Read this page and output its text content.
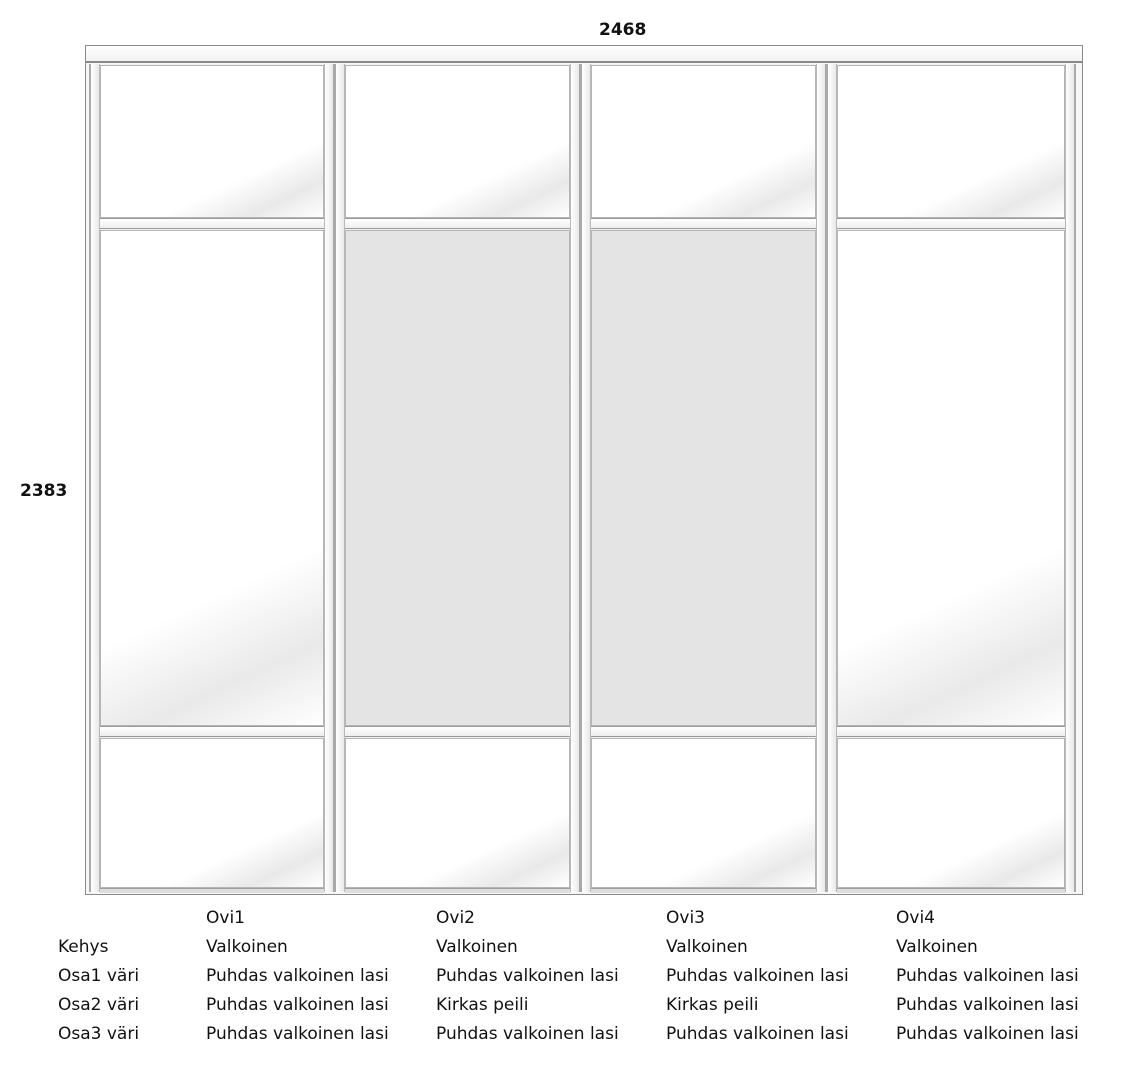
2468
2383
	Ovi1	Ovi2	Ovi3	Ovi4
Kehys	Valkoinen	Valkoinen	Valkoinen	Valkoinen
Osa1 väri	Puhdas valkoinen lasi	Puhdas valkoinen lasi	Puhdas valkoinen lasi	Puhdas valkoinen lasi
Osa2 väri	Puhdas valkoinen lasi	Kirkas peili	Kirkas peili	Puhdas valkoinen lasi
Osa3 väri	Puhdas valkoinen lasi	Puhdas valkoinen lasi	Puhdas valkoinen lasi	Puhdas valkoinen lasi
